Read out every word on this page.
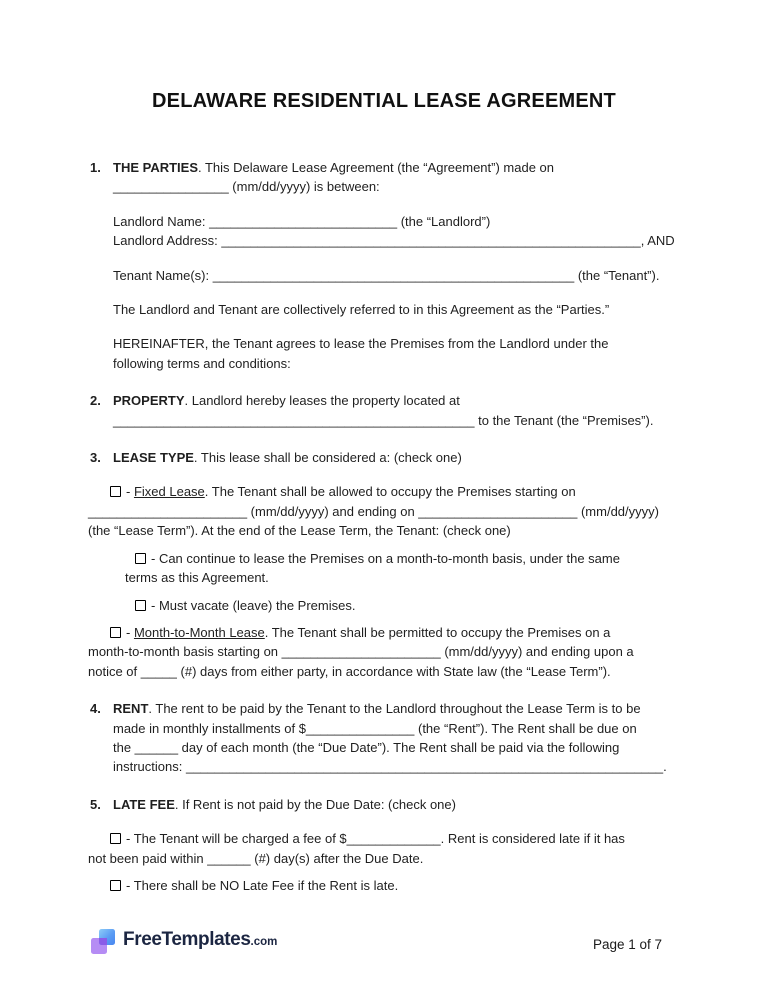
DELAWARE RESIDENTIAL LEASE AGREEMENT
1. THE PARTIES. This Delaware Lease Agreement (the “Agreement”) made on
________________ (mm/dd/yyyy) is between:
Landlord Name: __________________________ (the “Landlord”)
Landlord Address: __________________________________________________________, AND
Tenant Name(s): __________________________________________________ (the “Tenant”).
The Landlord and Tenant are collectively referred to in this Agreement as the “Parties.”
HEREINAFTER, the Tenant agrees to lease the Premises from the Landlord under the
following terms and conditions:
2. PROPERTY. Landlord hereby leases the property located at
__________________________________________________ to the Tenant (the “Premises”).
3. LEASE TYPE. This lease shall be considered a: (check one)
- Fixed Lease. The Tenant shall be allowed to occupy the Premises starting on
______________________ (mm/dd/yyyy) and ending on ______________________ (mm/dd/yyyy)
(the “Lease Term”). At the end of the Lease Term, the Tenant: (check one)
- Can continue to lease the Premises on a month-to-month basis, under the same
terms as this Agreement.
- Must vacate (leave) the Premises.
- Month-to-Month Lease. The Tenant shall be permitted to occupy the Premises on a
month-to-month basis starting on ______________________ (mm/dd/yyyy) and ending upon a
notice of _____ (#) days from either party, in accordance with State law (the “Lease Term”).
4. RENT. The rent to be paid by the Tenant to the Landlord throughout the Lease Term is to be
made in monthly installments of $_______________ (the “Rent”). The Rent shall be due on
the ______ day of each month (the “Due Date”). The Rent shall be paid via the following
instructions: __________________________________________________________________.
5. LATE FEE. If Rent is not paid by the Due Date: (check one)
- The Tenant will be charged a fee of $_____________. Rent is considered late if it has
not been paid within ______ (#) day(s) after the Due Date.
- There shall be NO Late Fee if the Rent is late.
FreeTemplates.com	Page 1 of 7
